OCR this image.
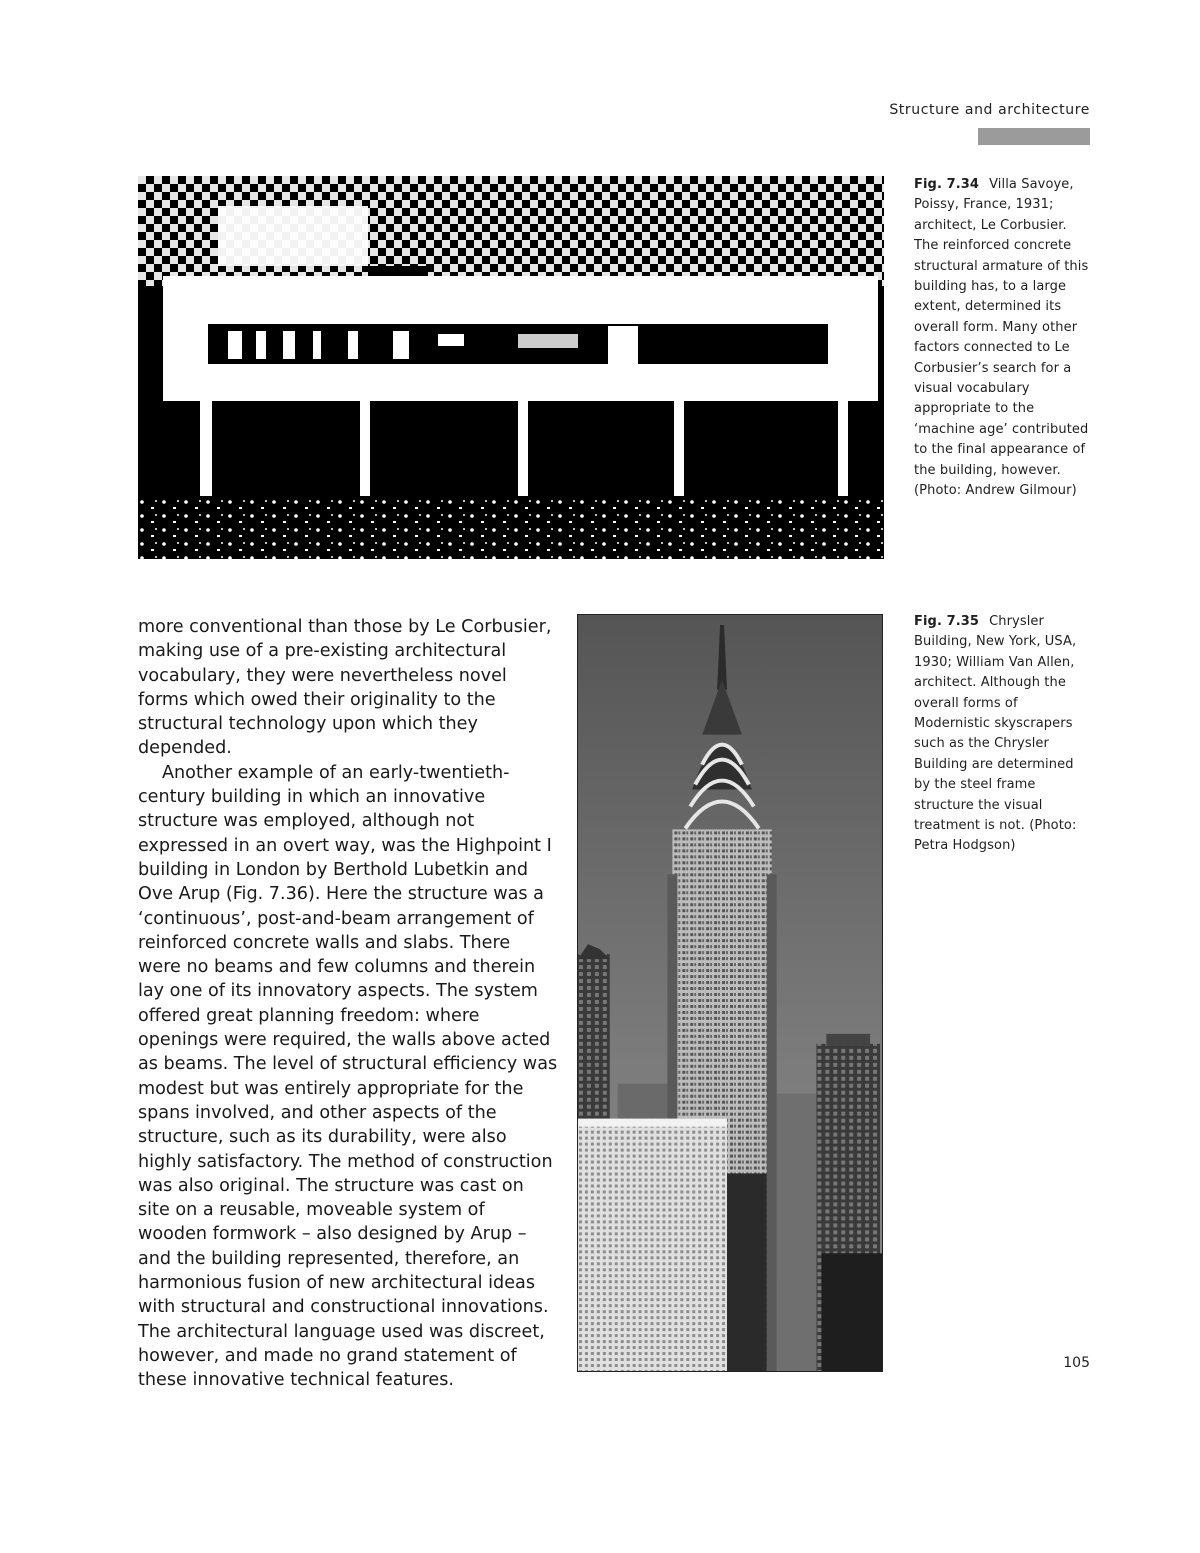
Structure and architecture
Fig. 7.34 Villa Savoye, Poissy, France, 1931; architect, Le Corbusier. The reinforced concrete structural armature of this building has, to a large extent, determined its overall form. Many other factors connected to Le Corbusier’s search for a visual vocabulary appropriate to the ‘machine age’ contributed to the final appearance of the building, however. (Photo: Andrew Gilmour)
Fig. 7.35 Chrysler Building, New York, USA, 1930; William Van Allen, architect. Although the overall forms of Modernistic skyscrapers such as the Chrysler Building are determined by the steel frame structure the visual treatment is not. (Photo: Petra Hodgson)

more conventional than those by Le Corbusier, making use of a pre-existing architectural vocabulary, they were nevertheless novel forms which owed their originality to the structural technology upon which they depended.

Another example of an early-twentieth-century building in which an innovative structure was employed, although not expressed in an overt way, was the Highpoint I building in London by Berthold Lubetkin and Ove Arup (Fig. 7.36). Here the structure was a ‘continuous’, post-and-beam arrangement of reinforced concrete walls and slabs. There were no beams and few columns and therein lay one of its innovatory aspects. The system offered great planning freedom: where openings were required, the walls above acted as beams. The level of structural efficiency was modest but was entirely appropriate for the spans involved, and other aspects of the structure, such as its durability, were also highly satisfactory. The method of construction was also original. The structure was cast on site on a reusable, moveable system of wooden formwork – also designed by Arup – and the building represented, therefore, an harmonious fusion of new architectural ideas with structural and constructional innovations. The architectural language used was discreet, however, and made no grand statement of these innovative technical features.

105
